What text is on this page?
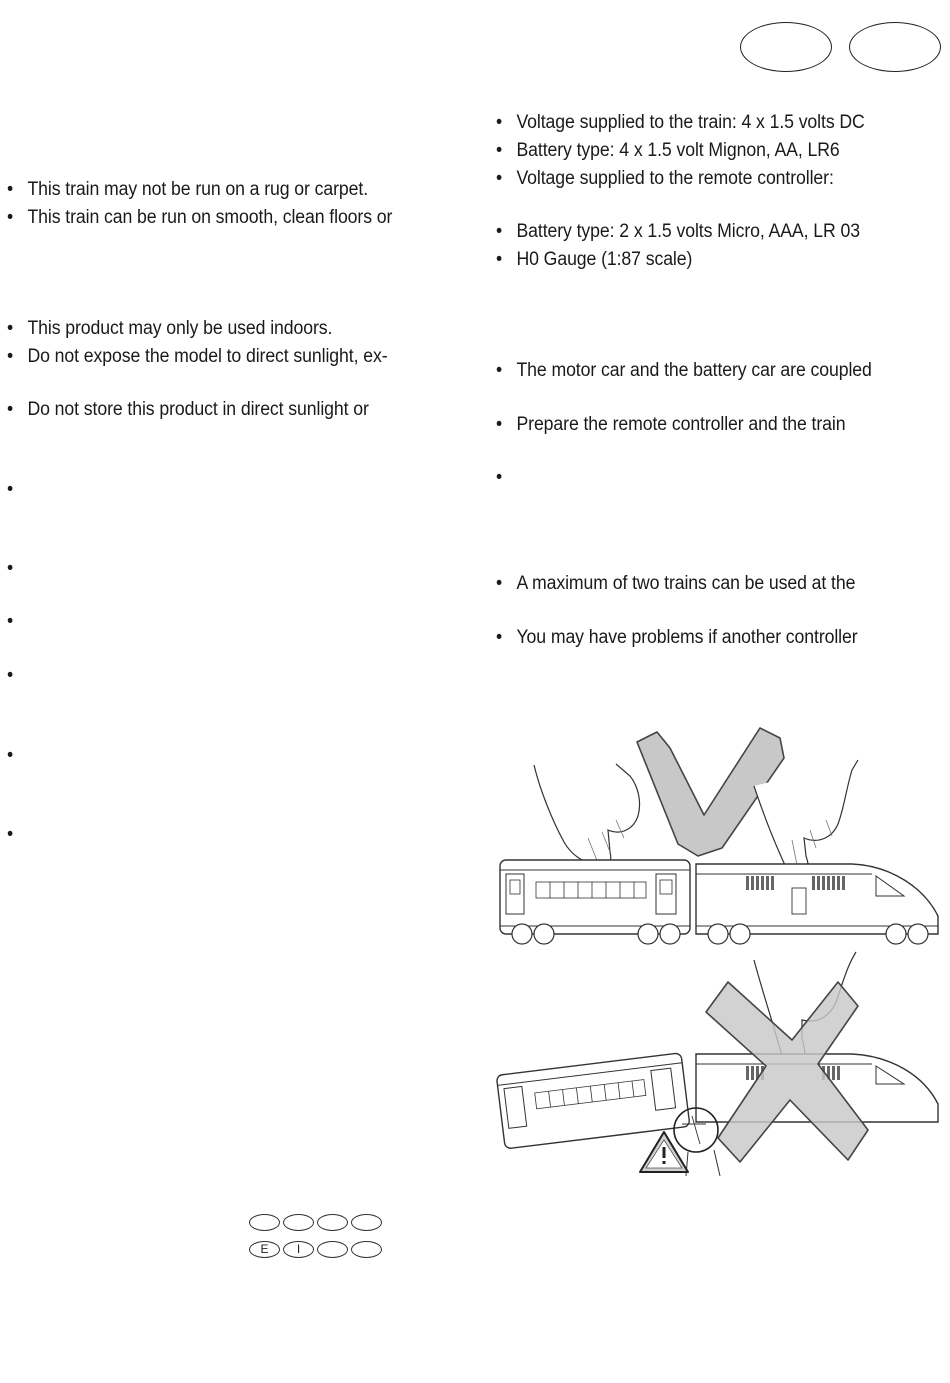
• This train may not be run on a rug or carpet.
• This train can be run on smooth, clean floors or
• This product may only be used indoors.
• Do not expose the model to direct sunlight, ex-
• Do not store this product in direct sunlight or
•
•
•
•
•
•
• Voltage supplied to the train: 4 x 1.5 volts DC
• Battery type: 4 x 1.5 volt Mignon, AA, LR6
• Voltage supplied to the remote controller:
• Battery type: 2 x 1.5 volts Micro, AAA, LR 03
• H0 Gauge (1:87 scale)
• The motor car and the battery car are coupled
• Prepare the remote controller and the train
•
• A maximum of two trains can be used at the
• You may have problems if another controller
E	I
